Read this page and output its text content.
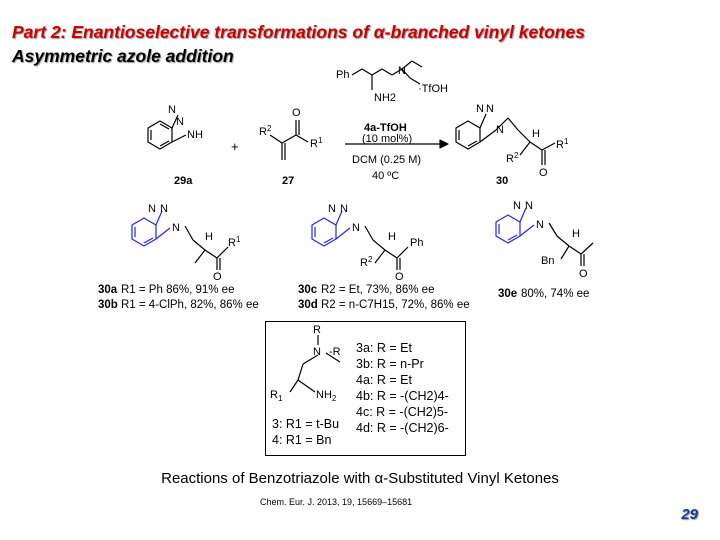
Part 2: Enantioselective transformations of α-branched vinyl ketones
Asymmetric azole addition
Ph
NH2
N
·TfOH
N
N
NH
+
$R^2$
O
$R^1$
4a-TfOH
(10 mol%)
DCM (0.25 M)
40 ºC
29a	27
N N
N	H
$R^2$
O
$R^1$
30
N N
N
H $R^1$
O
N N
N
H Ph
$R^2$
O
N N
N
H
Bn
O
R
N -R
$NH_2$
$R_1$
30a R1 = Ph 86%, 91% ee
30b R1 = 4-ClPh, 82%, 86% ee
30c R2 = Et, 73%, 86% ee
30d R2 = n-C7H15, 72%, 86% ee
30e 80%, 74% ee
3a: R = Et
3b: R = n-Pr
4a: R = Et
4b: R = -(CH2)4-
4c: R = -(CH2)5-
4d: R = -(CH2)6-
3: R1 = t-Bu
4: R1 = Bn
Reactions of Benzotriazole with α-Substituted Vinyl Ketones
Chem. Eur. J. 2013, 19, 15669–15681
29
